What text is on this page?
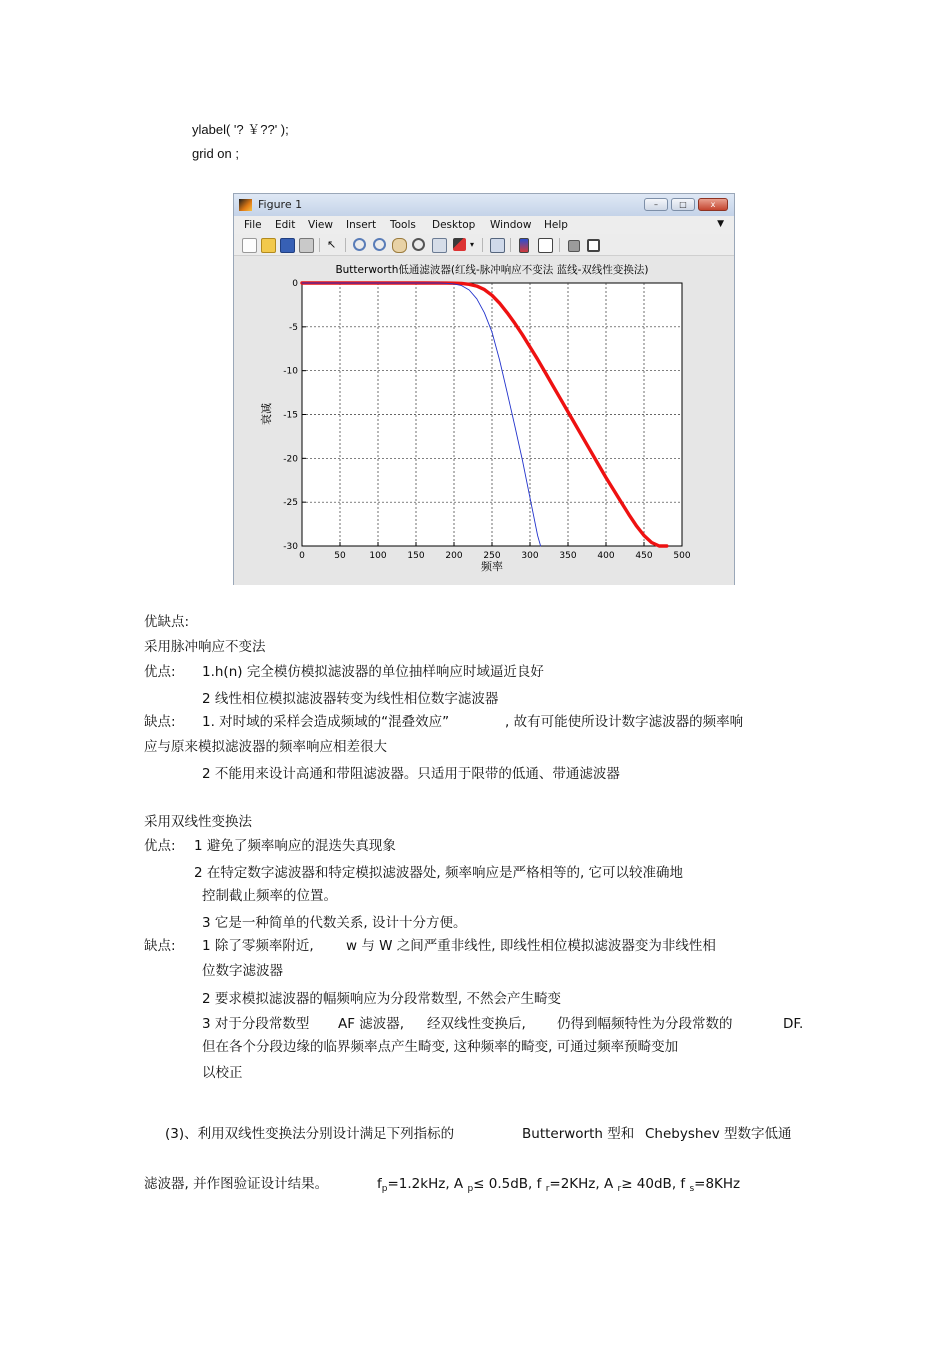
ylabel( '? ￥??' );
grid on ;
Figure 1	–	□	x
File Edit View Insert Tools Desktop Window Help	▼
↖	▾
0	50	100 150 200 250 300 350 400 450 500
0
-5
-10
-15
-20
-25
-30
Butterworth低通滤波器(红线-脉冲响应不变法 蓝线-双线性变换法)
频率
衰减
优缺点:
采用脉冲响应不变法
优点: 1.h(n) 完全模仿模拟滤波器的单位抽样响应时域逼近良好
2 线性相位模拟滤波器转变为线性相位数字滤波器
缺点: 1. 对时域的采样会造成频域的“混叠效应”	, 故有可能使所设计数字滤波器的频率响
应与原来模拟滤波器的频率响应相差很大
2 不能用来设计高通和带阻滤波器。只适用于限带的低通、带通滤波器
采用双线性变换法
优点: 1 避免了频率响应的混迭失真现象
2 在特定数字滤波器和特定模拟滤波器处, 频率响应是严格相等的, 它可以较准确地
控制截止频率的位置。
3 它是一种简单的代数关系, 设计十分方便。
缺点: 1 除了零频率附近, w 与 W 之间严重非线性, 即线性相位模拟滤波器变为非线性相
位数字滤波器
2 要求模拟滤波器的幅频响应为分段常数型, 不然会产生畸变
3 对于分段常数型 AF 滤波器, 经双线性变换后, 仍得到幅频特性为分段常数的	DF.
但在各个分段边缘的临界频率点产生畸变, 这种频率的畸变, 可通过频率预畸变加
以校正
(3)、利用双线性变换法分别设计满足下列指标的	Butterworth 型和 Chebyshev 型数字低通
滤波器, 并作图验证设计结果。	$f_p=1.2kHz$, A $_p$≤ 0.5dB, f $_r$=2KHz, A $_r$≥ 40dB, f $_s$=8KHz
